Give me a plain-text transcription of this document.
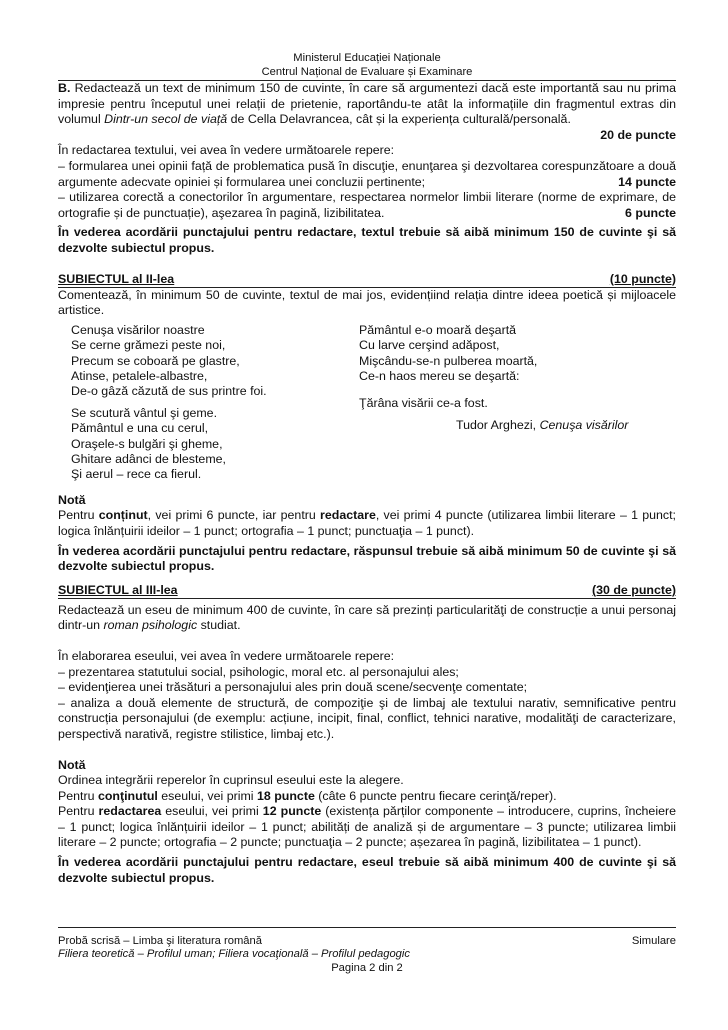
Ministerul Educației Naționale
Centrul Național de Evaluare și Examinare

B. Redactează un text de minimum 150 de cuvinte, în care să argumentezi dacă este importantă sau nu prima impresie pentru începutul unei relații de prietenie, raportându-te atât la informațiile din fragmentul extras din volumul Dintr-un secol de viață de Cella Delavrancea, cât și la experiența culturală/personală.

20 de puncte

În redactarea textului, vei avea în vedere următoarele repere:

– formularea unei opinii față de problematica pusă în discuţie, enunţarea şi dezvoltarea corespunzătoare a două argumente adecvate opiniei și formularea unei concluzii pertinente;	14 puncte

– utilizarea corectă a conectorilor în argumentare, respectarea normelor limbii literare (norme de exprimare, de ortografie și de punctuație), aşezarea în pagină, lizibilitatea.	6 puncte

În vederea acordării punctajului pentru redactare, textul trebuie să aibă minimum 150 de cuvinte şi să dezvolte subiectul propus.

SUBIECTUL al II-lea	(10 puncte)

Comentează, în minimum 50 de cuvinte, textul de mai jos, evidențiind relația dintre ideea poetică și mijloacele artistice.

Cenuşa visărilor noastre
Se cerne grămezi peste noi,
Precum se coboară pe glastre,
Atinse, petalele-albastre,
De-o gâză căzută de sus printre foi.
Se scutură vântul şi geme.
Pământul e una cu cerul,
Oraşele-s bulgări şi gheme,
Ghitare adânci de blesteme,
Şi aerul – rece ca fierul.
Pământul e-o moară deşartă
Cu larve cerşind adăpost,
Mişcându-se-n pulberea moartă,
Ce-n haos mereu se deşartă:
Ţărâna visării ce-a fost.
Tudor Arghezi, Cenuşa visărilor
Notă

Pentru conținut, vei primi 6 puncte, iar pentru redactare, vei primi 4 puncte (utilizarea limbii literare – 1 punct; logica înlănțuirii ideilor – 1 punct; ortografia – 1 punct; punctuaţia – 1 punct).

În vederea acordării punctajului pentru redactare, răspunsul trebuie să aibă minimum 50 de cuvinte şi să dezvolte subiectul propus.

SUBIECTUL al III-lea	(30 de puncte)

Redactează un eseu de minimum 400 de cuvinte, în care să prezinți particularităţi de construcție a unui personaj dintr-un roman psihologic studiat.

În elaborarea eseului, vei avea în vedere următoarele repere:

– prezentarea statutului social, psihologic, moral etc. al personajului ales;

– evidenţierea unei trăsături a personajului ales prin două scene/secvenţe comentate;

– analiza a două elemente de structură, de compoziţie şi de limbaj ale textului narativ, semnificative pentru construcția personajului (de exemplu: acțiune, incipit, final, conflict, tehnici narative, modalităţi de caracterizare, perspectivă narativă, registre stilistice, limbaj etc.).

Notă

Ordinea integrării reperelor în cuprinsul eseului este la alegere.

Pentru conţinutul eseului, vei primi 18 puncte (câte 6 puncte pentru fiecare cerinţă/reper).

Pentru redactarea eseului, vei primi 12 puncte (existența părților componente – introducere, cuprins, încheiere – 1 punct; logica înlănțuirii ideilor – 1 punct; abilități de analiză și de argumentare – 3 puncte; utilizarea limbii literare – 2 puncte; ortografia – 2 puncte; punctuaţia – 2 puncte; așezarea în pagină, lizibilitatea – 1 punct).

În vederea acordării punctajului pentru redactare, eseul trebuie să aibă minimum 400 de cuvinte şi să dezvolte subiectul propus.

Probă scrisă – Limba şi literatura română	Simulare
Filiera teoretică – Profilul uman; Filiera vocaţională – Profilul pedagogic
Pagina 2 din 2
